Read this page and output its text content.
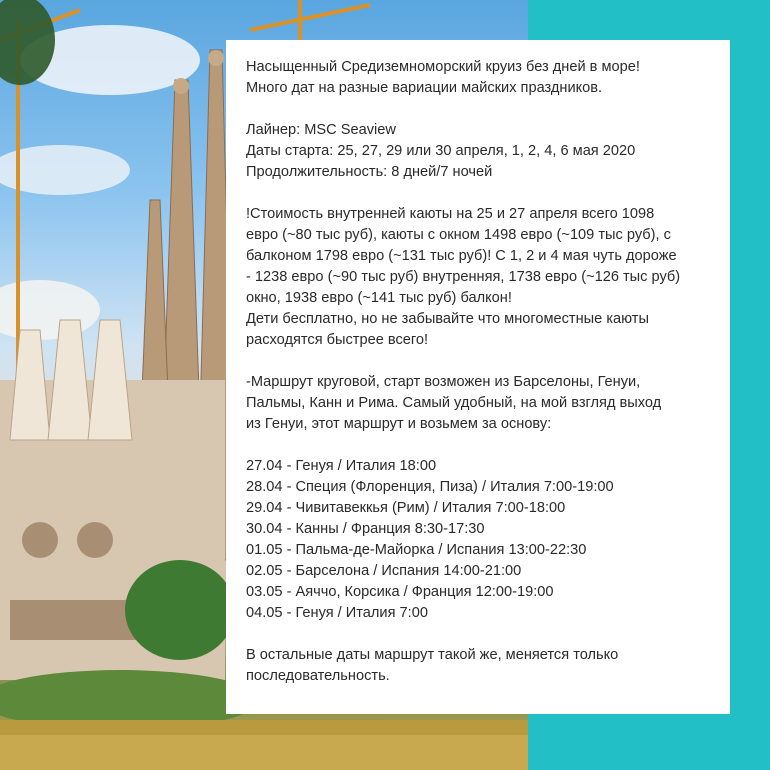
Насыщенный Средиземноморский круиз без дней в море!
Много дат на разные вариации майских праздников.

Лайнер: MSC Seaview
Даты старта: 25, 27, 29 или 30 апреля, 1, 2, 4, 6 мая 2020
Продолжительность: 8 дней/7 ночей

!Стоимость внутренней каюты на 25 и 27 апреля всего 1098
евро (~80 тыс руб), каюты с окном 1498 евро (~109 тыс руб), с
балконом 1798 евро (~131 тыс руб)! С 1, 2 и 4 мая чуть дороже
- 1238 евро (~90 тыс руб) внутренняя, 1738 евро (~126 тыс руб)
окно, 1938 евро (~141 тыс руб) балкон!
Дети бесплатно, но не забывайте что многоместные каюты
расходятся быстрее всего!

-Маршрут круговой, старт возможен из Барселоны, Генуи,
Пальмы, Канн и Рима. Самый удобный, на мой взгляд выход
из Генуи, этот маршрут и возьмем за основу:

27.04 - Генуя / Италия 18:00
28.04 - Специя (Флоренция, Пиза) / Италия 7:00-19:00
29.04 - Чивитавеккья (Рим) / Италия 7:00-18:00
30.04 - Канны / Франция 8:30-17:30
01.05 - Пальма-де-Майорка / Испания 13:00-22:30
02.05 - Барселона / Испания 14:00-21:00
03.05 - Аяччо, Корсика / Франция 12:00-19:00
04.05 - Генуя / Италия 7:00

В остальные даты маршрут такой же, меняется только
последовательность.
